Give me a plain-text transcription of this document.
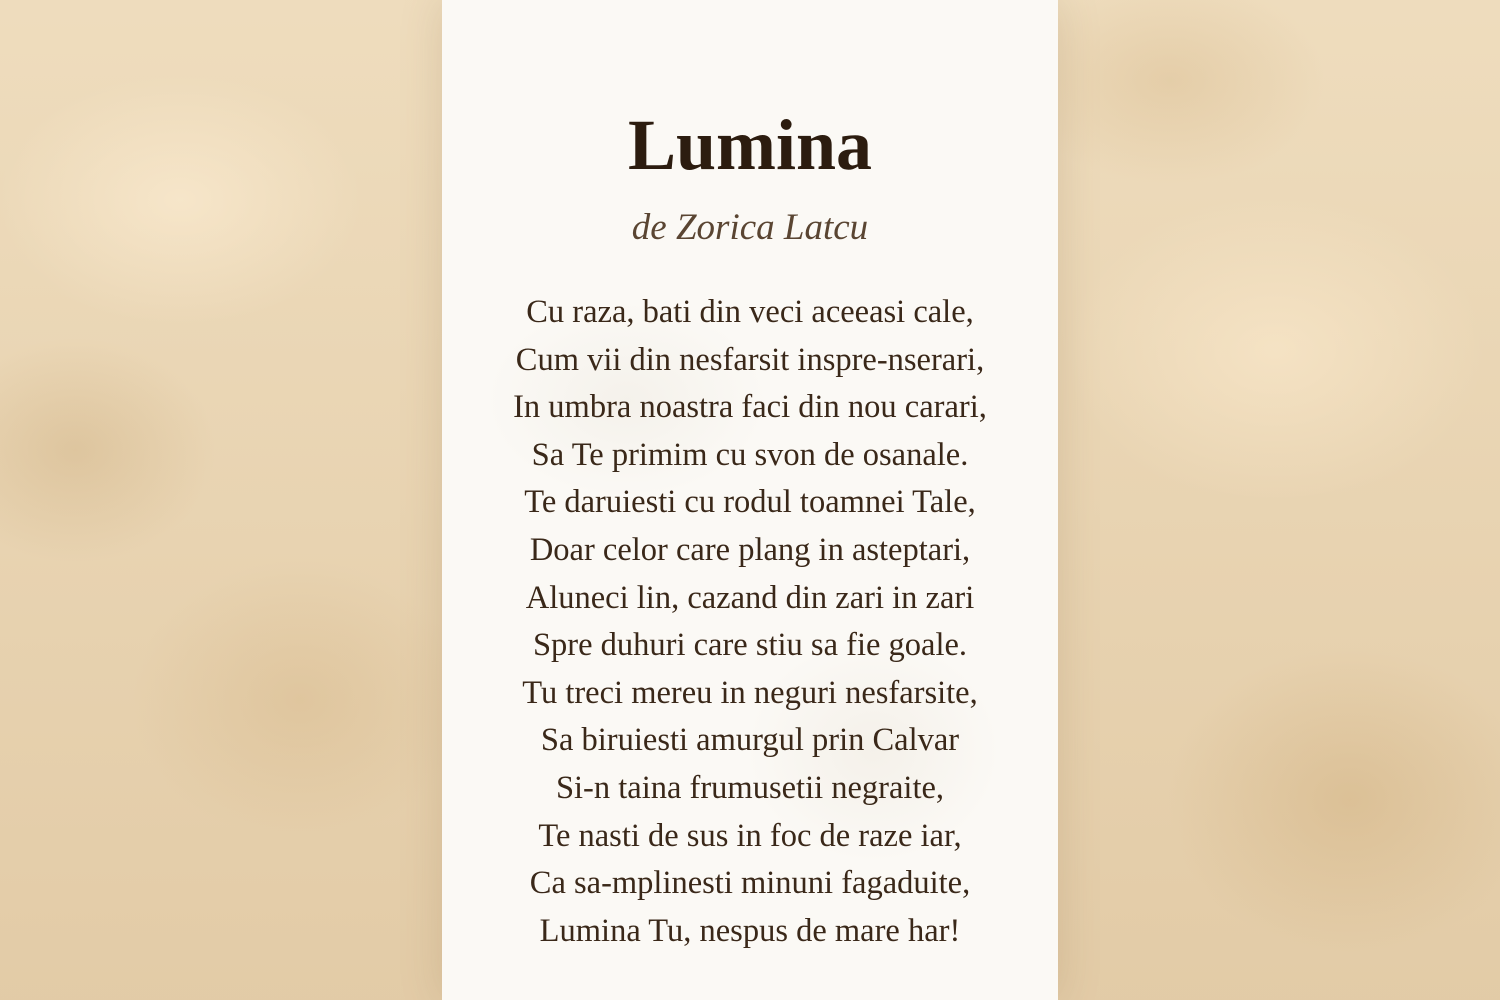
Lumina

de Zorica Latcu

Cu raza, bati din veci aceeasi cale,
Cum vii din nesfarsit inspre-nserari,
In umbra noastra faci din nou carari,
Sa Te primim cu svon de osanale.
Te daruiesti cu rodul toamnei Tale,
Doar celor care plang in asteptari,
Aluneci lin, cazand din zari in zari
Spre duhuri care stiu sa fie goale.
Tu treci mereu in neguri nesfarsite,
Sa biruiesti amurgul prin Calvar
Si-n taina frumusetii negraite,
Te nasti de sus in foc de raze iar,
Ca sa-mplinesti minuni fagaduite,
Lumina Tu, nespus de mare har!
